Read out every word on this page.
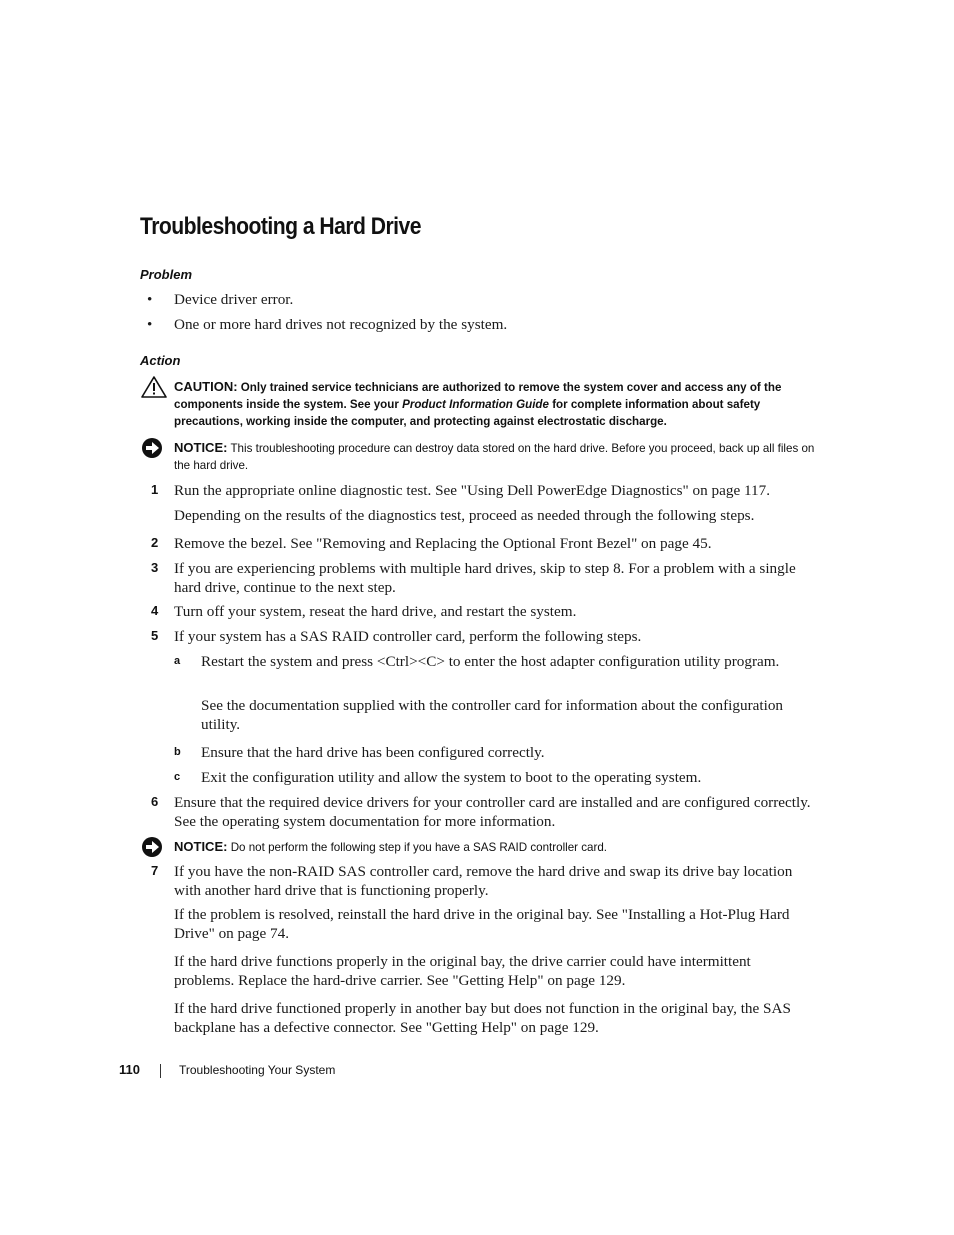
Troubleshooting a Hard Drive
Problem
• Device driver error.
• One or more hard drives not recognized by the system.
Action
CAUTION: Only trained service technicians are authorized to remove the system cover and access any of the components inside the system. See your Product Information Guide for complete information about safety precautions, working inside the computer, and protecting against electrostatic discharge.
NOTICE: This troubleshooting procedure can destroy data stored on the hard drive. Before you proceed, back up all files on the hard drive.
1 Run the appropriate online diagnostic test. See "Using Dell PowerEdge Diagnostics" on page 117.
Depending on the results of the diagnostics test, proceed as needed through the following steps.
2 Remove the bezel. See "Removing and Replacing the Optional Front Bezel" on page 45.
3 If you are experiencing problems with multiple hard drives, skip to step 8. For a problem with a single hard drive, continue to the next step.
4 Turn off your system, reseat the hard drive, and restart the system.
5 If your system has a SAS RAID controller card, perform the following steps.
a Restart the system and press <Ctrl><C> to enter the host adapter configuration utility program.
See the documentation supplied with the controller card for information about the configuration utility.
b Ensure that the hard drive has been configured correctly.
c Exit the configuration utility and allow the system to boot to the operating system.
6 Ensure that the required device drivers for your controller card are installed and are configured correctly. See the operating system documentation for more information.
NOTICE: Do not perform the following step if you have a SAS RAID controller card.
7 If you have the non-RAID SAS controller card, remove the hard drive and swap its drive bay location with another hard drive that is functioning properly.
If the problem is resolved, reinstall the hard drive in the original bay. See "Installing a Hot-Plug Hard Drive" on page 74.
If the hard drive functions properly in the original bay, the drive carrier could have intermittent problems. Replace the hard-drive carrier. See "Getting Help" on page 129.
If the hard drive functioned properly in another bay but does not function in the original bay, the SAS backplane has a defective connector. See "Getting Help" on page 129.
110	Troubleshooting Your System
